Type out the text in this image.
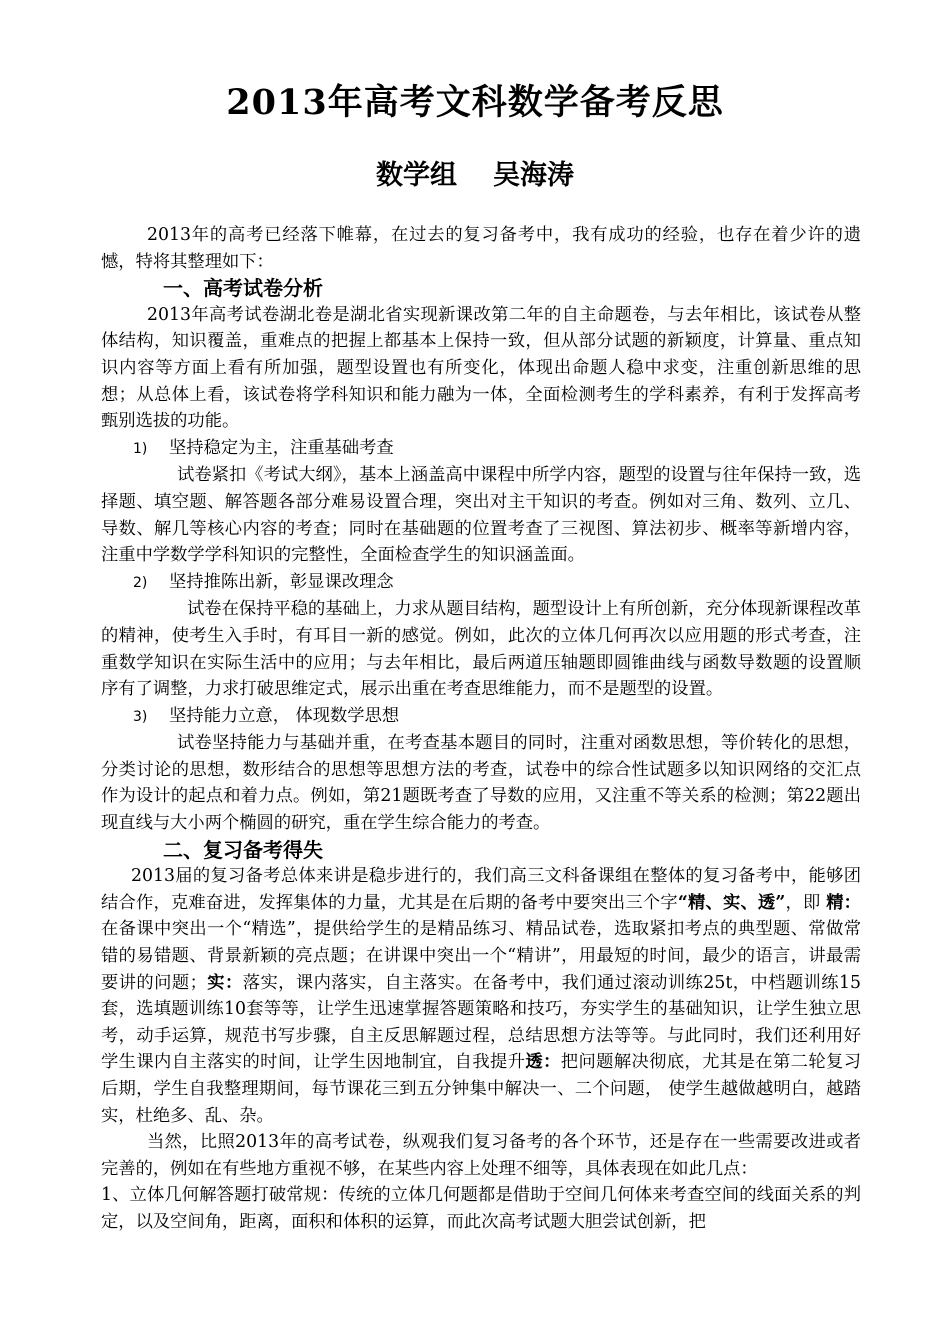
2013年高考文科数学备考反思
数学组 吴海涛

2013年的高考已经落下帷幕，在过去的复习备考中，我有成功的经验，也存在着少许的遗憾，特将其整理如下：

一、高考试卷分析

2013年高考试卷湖北卷是湖北省实现新课改第二年的自主命题卷，与去年相比，该试卷从整体结构，知识覆盖，重难点的把握上都基本上保持一致，但从部分试题的新颖度，计算量、重点知识内容等方面上看有所加强，题型设置也有所变化，体现出命题人稳中求变，注重创新思维的思想；从总体上看，该试卷将学科知识和能力融为一体，全面检测考生的学科素养，有利于发挥高考甄别选拔的功能。

1) 坚持稳定为主，注重基础考查

试卷紧扣《考试大纲》，基本上涵盖高中课程中所学内容，题型的设置与往年保持一致，选择题、填空题、解答题各部分难易设置合理，突出对主干知识的考查。例如对三角、数列、立几、导数、解几等核心内容的考查；同时在基础题的位置考查了三视图、算法初步、概率等新增内容，注重中学数学学科知识的完整性，全面检查学生的知识涵盖面。

2) 坚持推陈出新，彰显课改理念

试卷在保持平稳的基础上，力求从题目结构，题型设计上有所创新，充分体现新课程改革的精神，使考生入手时，有耳目一新的感觉。例如，此次的立体几何再次以应用题的形式考查，注重数学知识在实际生活中的应用；与去年相比，最后两道压轴题即圆锥曲线与函数导数题的设置顺序有了调整，力求打破思维定式，展示出重在考查思维能力，而不是题型的设置。

3) 坚持能力立意， 体现数学思想

试卷坚持能力与基础并重，在考查基本题目的同时，注重对函数思想，等价转化的思想，分类讨论的思想，数形结合的思想等思想方法的考查，试卷中的综合性试题多以知识网络的交汇点作为设计的起点和着力点。例如，第21题既考查了导数的应用，又注重不等关系的检测；第22题出现直线与大小两个椭圆的研究，重在学生综合能力的考查。

二、复习备考得失

2013届的复习备考总体来讲是稳步进行的，我们高三文科备课组在整体的复习备考中，能够团结合作，克难奋进，发挥集体的力量，尤其是在后期的备考中要突出三个字“精、实、透”，即 精：在备课中突出一个“精选”，提供给学生的是精品练习、精品试卷，选取紧扣考点的典型题、常做常错的易错题、背景新颖的亮点题；在讲课中突出一个“精讲”，用最短的时间，最少的语言，讲最需要讲的问题；实：落实，课内落实，自主落实。在备考中，我们通过滚动训练25t，中档题训练15套，选填题训练10套等等，让学生迅速掌握答题策略和技巧，夯实学生的基础知识，让学生独立思考，动手运算，规范书写步骤，自主反思解题过程，总结思想方法等等。与此同时，我们还利用好学生课内自主落实的时间，让学生因地制宜，自我提升透：把问题解决彻底，尤其是在第二轮复习后期，学生自我整理期间，每节课花三到五分钟集中解决一、二个问题， 使学生越做越明白，越踏实，杜绝多、乱、杂。

当然，比照2013年的高考试卷，纵观我们复习备考的各个环节，还是存在一些需要改进或者完善的，例如在有些地方重视不够，在某些内容上处理不细等，具体表现在如此几点：

1、立体几何解答题打破常规：传统的立体几何题都是借助于空间几何体来考查空间的线面关系的判定，以及空间角，距离，面积和体积的运算，而此次高考试题大胆尝试创新，把
